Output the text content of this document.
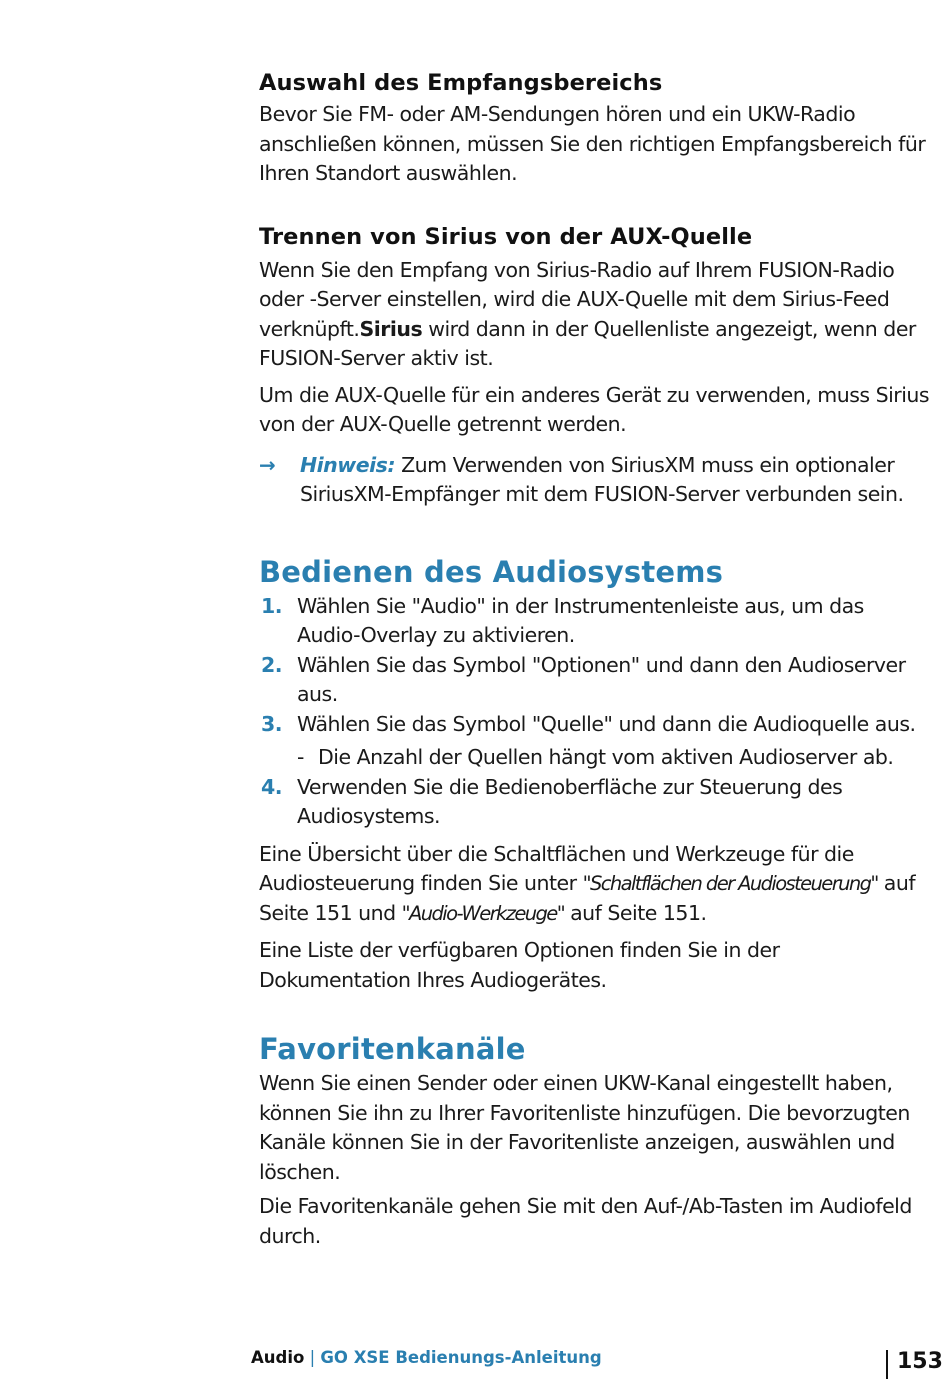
Auswahl des Empfangsbereichs

Bevor Sie FM- oder AM-Sendungen hören und ein UKW-Radio anschließen können, müssen Sie den richtigen Empfangsbereich für Ihren Standort auswählen.

Trennen von Sirius von der AUX-Quelle

Wenn Sie den Empfang von Sirius-Radio auf Ihrem FUSION-Radio oder -Server einstellen, wird die AUX-Quelle mit dem Sirius-Feed verknüpft.Sirius wird dann in der Quellenliste angezeigt, wenn der FUSION-Server aktiv ist.

Um die AUX-Quelle für ein anderes Gerät zu verwenden, muss Sirius von der AUX-Quelle getrennt werden.

→ Hinweis: Zum Verwenden von SiriusXM muss ein optionaler SiriusXM-Empfänger mit dem FUSION-Server verbunden sein.

Bedienen des Audiosystems
1. Wählen Sie "Audio" in der Instrumentenleiste aus, um das Audio-Overlay zu aktivieren.
2. Wählen Sie das Symbol "Optionen" und dann den Audioserver aus.
3. Wählen Sie das Symbol "Quelle" und dann die Audioquelle aus.
- Die Anzahl der Quellen hängt vom aktiven Audioserver ab.
4. Verwenden Sie die Bedienoberfläche zur Steuerung des Audiosystems.

Eine Übersicht über die Schaltflächen und Werkzeuge für die Audiosteuerung finden Sie unter "Schaltflächen der Audiosteuerung" auf Seite 151 und "Audio-Werkzeuge" auf Seite 151.

Eine Liste der verfügbaren Optionen finden Sie in der Dokumentation Ihres Audiogerätes.

Favoritenkanäle

Wenn Sie einen Sender oder einen UKW-Kanal eingestellt haben, können Sie ihn zu Ihrer Favoritenliste hinzufügen. Die bevorzugten Kanäle können Sie in der Favoritenliste anzeigen, auswählen und löschen.

Die Favoritenkanäle gehen Sie mit den Auf-/Ab-Tasten im Audiofeld durch.

Audio | GO XSE Bedienungs-Anleitung	153
